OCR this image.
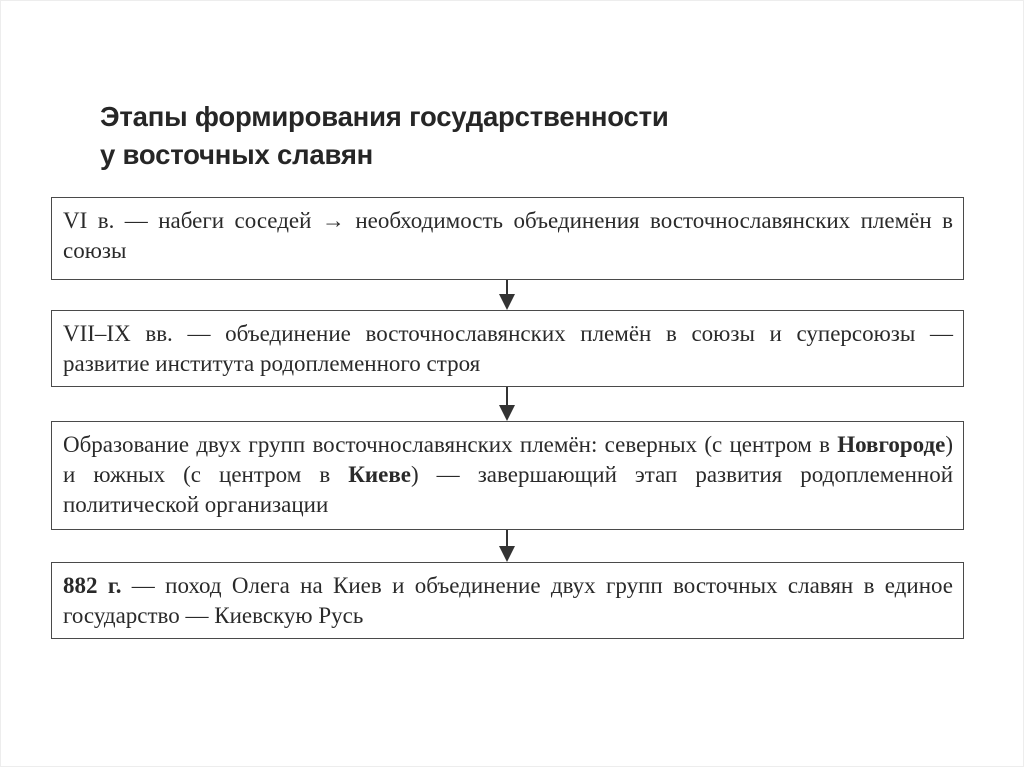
Этапы формирования государственности
у восточных славян
VI в. — набеги соседей → необходимость объединения восточнославянских племён в союзы
VII–IX вв. — объединение восточнославянских племён в союзы и суперсоюзы — развитие института родоплеменного строя
Образование двух групп восточнославянских племён: северных (с центром в Новгороде) и южных (с центром в Киеве) — завершающий этап развития родоплеменной политической организации
882 г. — поход Олега на Киев и объединение двух групп восточных славян в единое государство — Киевскую Русь
